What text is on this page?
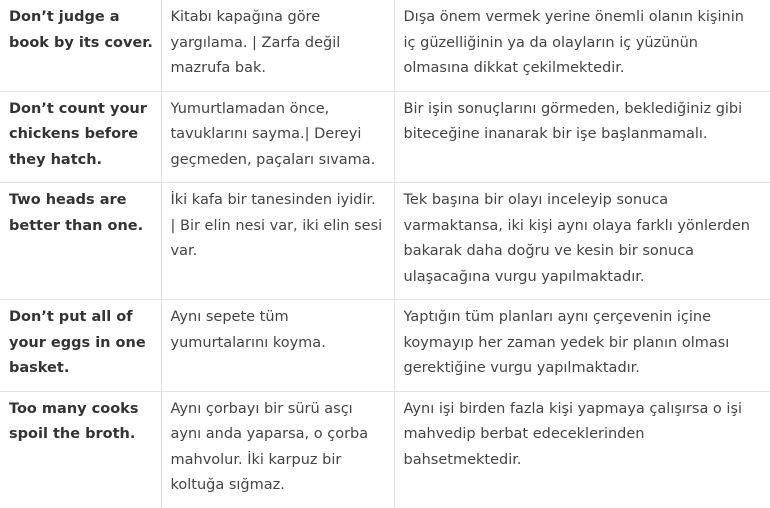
Don’t judge a book by its cover.	Kitabı kapağına göre yargılama. | Zarfa değil mazrufa bak.	Dışa önem vermek yerine önemli olanın kişinin iç güzelliğinin ya da olayların iç yüzünün olmasına dikkat çekilmektedir.
Don’t count your chickens before they hatch.	Yumurtlamadan önce, tavuklarını sayma.| Dereyi geçmeden, paçaları sıvama.	Bir işin sonuçlarını görmeden, beklediğiniz gibi biteceğine inanarak bir işe başlanmamalı.
Two heads are better than one.	İki kafa bir tanesinden iyidir. | Bir elin nesi var, iki elin sesi var.	Tek başına bir olayı inceleyip sonuca varmaktansa, iki kişi aynı olaya farklı yönlerden bakarak daha doğru ve kesin bir sonuca ulaşacağına vurgu yapılmaktadır.
Don’t put all of your eggs in one basket.	Aynı sepete tüm yumurtalarını koyma.	Yaptığın tüm planları aynı çerçevenin içine koymayıp her zaman yedek bir planın olması gerektiğine vurgu yapılmaktadır.
Too many cooks spoil the broth.	Aynı çorbayı bir sürü asçı aynı anda yaparsa, o çorba mahvolur. İki karpuz bir koltuğa sığmaz.	Aynı işi birden fazla kişi yapmaya çalışırsa o işi mahvedip berbat edeceklerinden bahsetmektedir.
